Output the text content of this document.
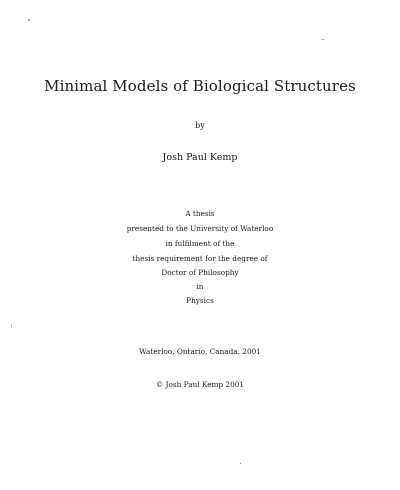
Minimal Models of Biological Structures
by
Josh Paul Kemp
A thesis
presented to the University of Waterloo
in fulfilment of the
thesis requirement for the degree of
Doctor of Philosophy
in
Physics
Waterloo, Ontario, Canada, 2001
© Josh Paul Kemp 2001
